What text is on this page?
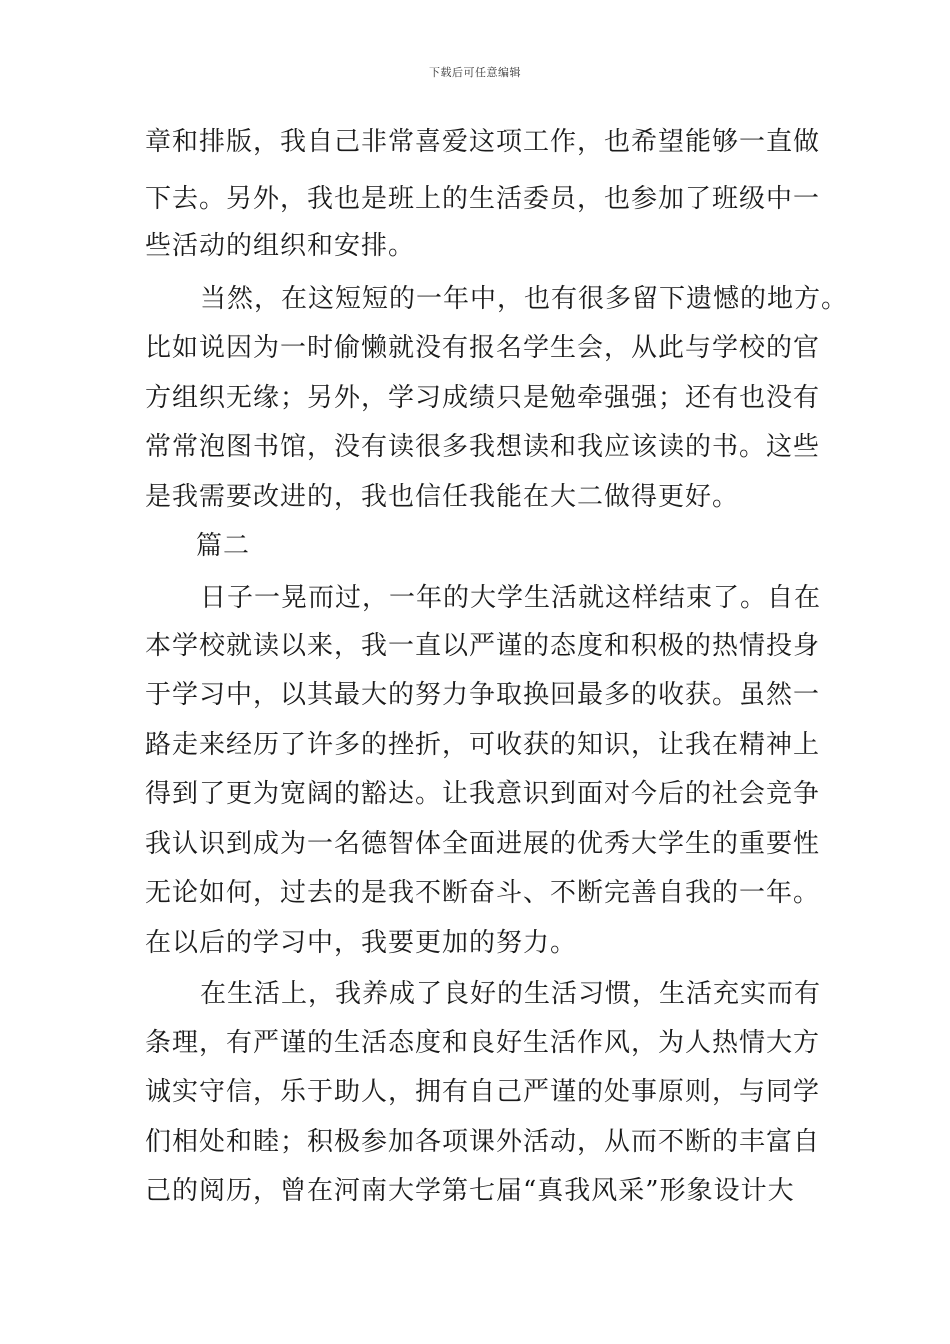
下载后可任意编辑
章和排版，我自己非常喜爱这项工作，也希望能够一直做
下去。另外，我也是班上的生活委员，也参加了班级中一
些活动的组织和安排。
当然，在这短短的一年中，也有很多留下遗憾的地方。
比如说因为一时偷懒就没有报名学生会，从此与学校的官
方组织无缘；另外，学习成绩只是勉牵强强；还有也没有
常常泡图书馆，没有读很多我想读和我应该读的书。这些
是我需要改进的，我也信任我能在大二做得更好。
篇二
日子一晃而过，一年的大学生活就这样结束了。自在
本学校就读以来，我一直以严谨的态度和积极的热情投身
于学习中，以其最大的努力争取换回最多的收获。虽然一
路走来经历了许多的挫折，可收获的知识，让我在精神上
得到了更为宽阔的豁达。让我意识到面对今后的社会竞争
我认识到成为一名德智体全面进展的优秀大学生的重要性
无论如何，过去的是我不断奋斗、不断完善自我的一年。
在以后的学习中，我要更加的努力。
在生活上，我养成了良好的生活习惯，生活充实而有
条理，有严谨的生活态度和良好生活作风，为人热情大方
诚实守信，乐于助人，拥有自己严谨的处事原则，与同学
们相处和睦；积极参加各项课外活动，从而不断的丰富自
己的阅历，曾在河南大学第七届“真我风采”形象设计大
